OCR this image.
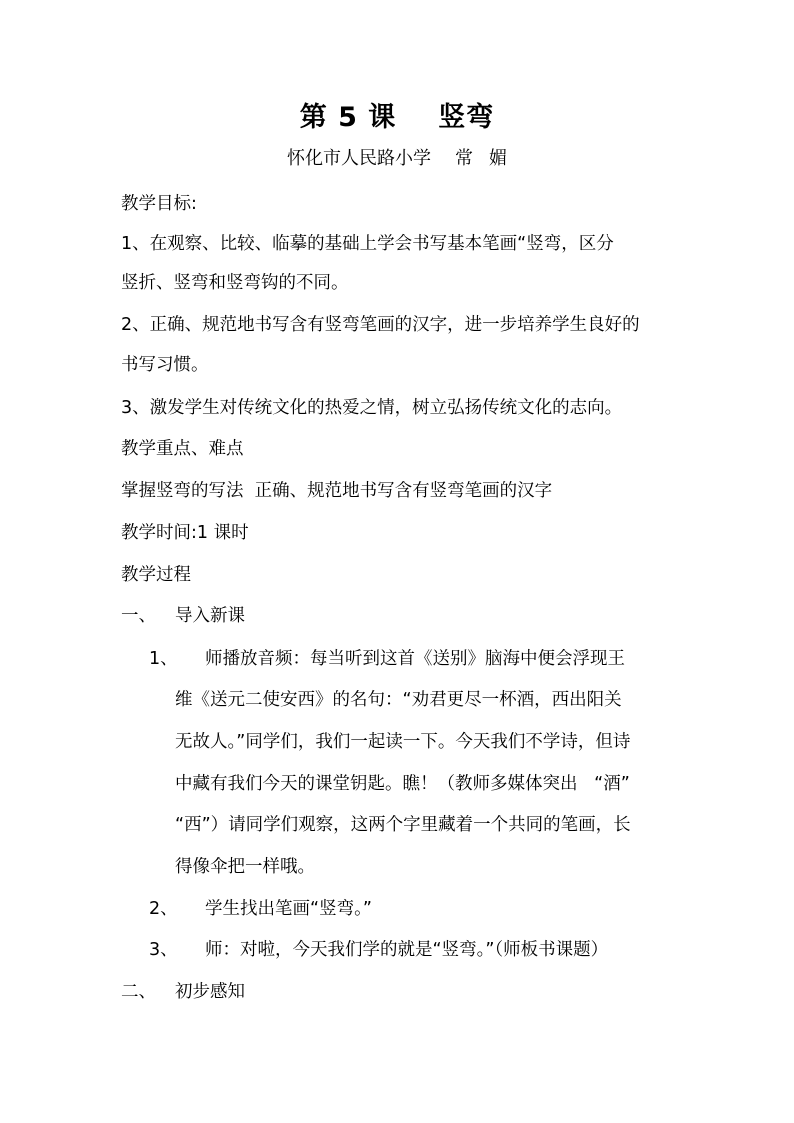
第 5 课 竖弯
怀化市人民路小学 常 媚
教学目标:
1、在观察、比较、临摹的基础上学会书写基本笔画“竖弯，区分
竖折、竖弯和竖弯钩的不同。
2、正确、规范地书写含有竖弯笔画的汉字，进一步培养学生良好的
书写习惯。
3、激发学生对传统文化的热爱之情，树立弘扬传统文化的志向。
教学重点、难点
掌握竖弯的写法  正确、规范地书写含有竖弯笔画的汉字
教学时间:1 课时
教学过程
一、 导入新课
1、 师播放音频：每当听到这首《送别》脑海中便会浮现王
维《送元二使安西》的名句：“劝君更尽一杯酒，西出阳关
无故人。”同学们，我们一起读一下。今天我们不学诗，但诗
中藏有我们今天的课堂钥匙。瞧！（教师多媒体突出   “酒”
“西”）请同学们观察，这两个字里藏着一个共同的笔画，长
得像伞把一样哦。
2、 学生找出笔画“竖弯。”
3、 师：对啦，今天我们学的就是“竖弯。”（师板书课题）
二、 初步感知
